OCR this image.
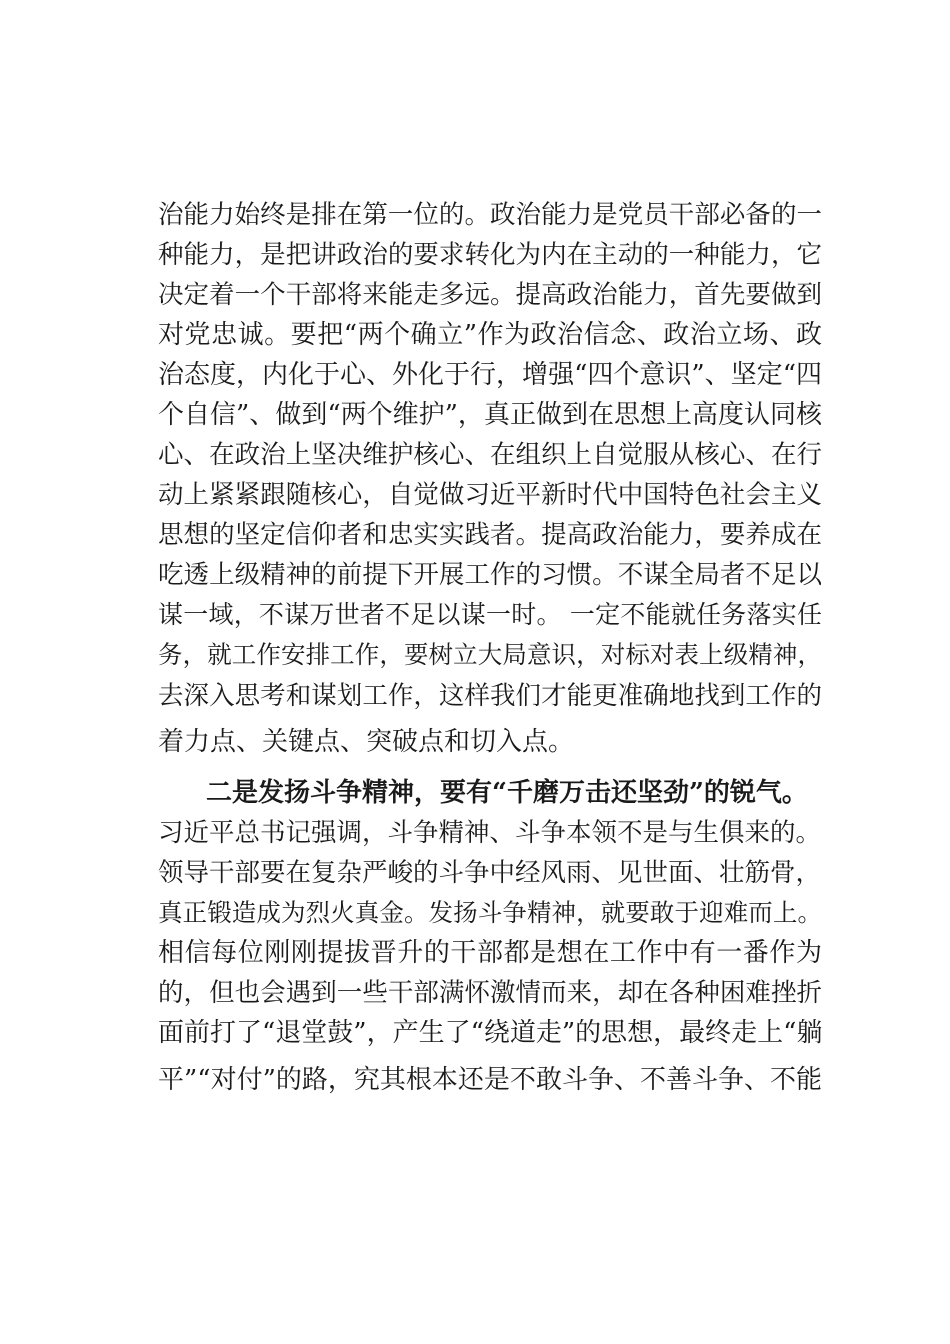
治能力始终是排在第一位的。政治能力是党员干部必备的一
种能力，是把讲政治的要求转化为内在主动的一种能力，它
决定着一个干部将来能走多远。提高政治能力，首先要做到
对党忠诚。要把“两个确立”作为政治信念、政治立场、政
治态度，内化于心、外化于行，增强“四个意识”、坚定“四
个自信”、做到“两个维护”，真正做到在思想上高度认同核
心、在政治上坚决维护核心、在组织上自觉服从核心、在行
动上紧紧跟随核心，自觉做习近平新时代中国特色社会主义
思想的坚定信仰者和忠实实践者。提高政治能力，要养成在
吃透上级精神的前提下开展工作的习惯。不谋全局者不足以
谋一域，不谋万世者不足以谋一时。 一定不能就任务落实任
务，就工作安排工作，要树立大局意识，对标对表上级精神，
去深入思考和谋划工作，这样我们才能更准确地找到工作的
着力点、关键点、突破点和切入点。
二是发扬斗争精神，要有“千磨万击还坚劲”的锐气。
习近平总书记强调，斗争精神、斗争本领不是与生俱来的。
领导干部要在复杂严峻的斗争中经风雨、见世面、壮筋骨，
真正锻造成为烈火真金。发扬斗争精神，就要敢于迎难而上。
相信每位刚刚提拔晋升的干部都是想在工作中有一番作为
的，但也会遇到一些干部满怀激情而来，却在各种困难挫折
面前打了“退堂鼓”，产生了“绕道走”的思想，最终走上“躺
平”“对付”的路，究其根本还是不敢斗争、不善斗争、不能
